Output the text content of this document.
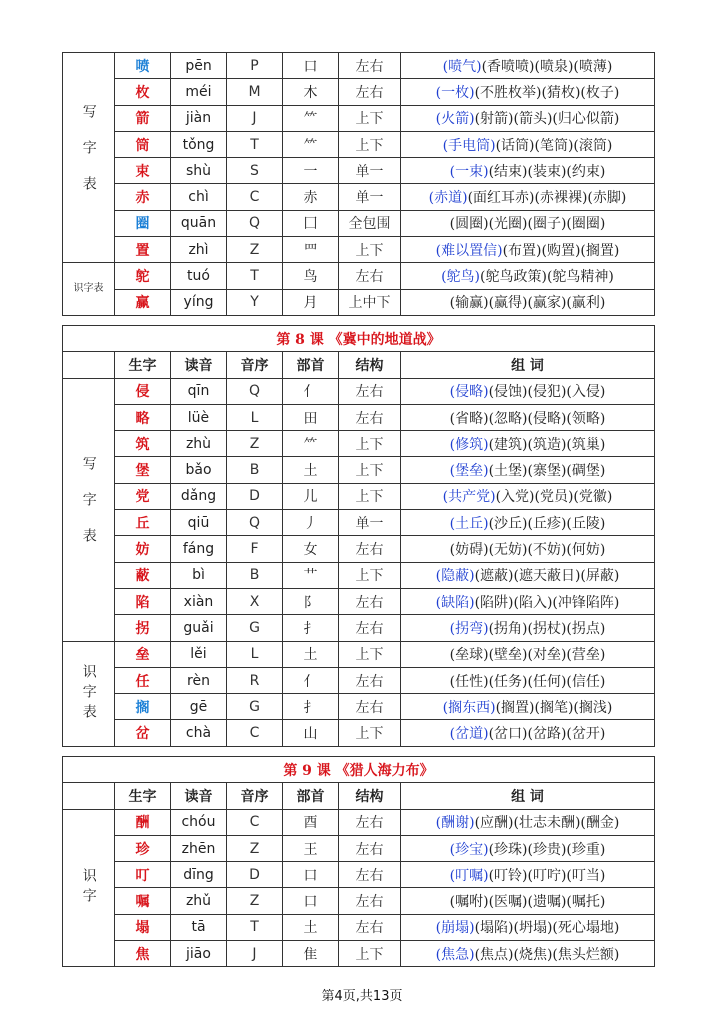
写字表	喷	pēn	P	口	左右	(喷气)(香喷喷)(喷泉)(喷薄)
	枚	méi	M	木	左右	(一枚)(不胜枚举)(猜枚)(枚子)
	箭	jiàn	J	⺮	上下	(火箭)(射箭)(箭头)(归心似箭)
	筒	tǒng	T	⺮	上下	(手电筒)(话筒)(笔筒)(滚筒)
	束	shù	S	一	单一	(一束)(结束)(装束)(约束)
	赤	chì	C	赤	单一	(赤道)(面红耳赤)(赤裸裸)(赤脚)
	圈	quān	Q	囗	全包围	(圆圈)(光圈)(圈子)(圈圈)
	置	zhì	Z	罒	上下	(难以置信)(布置)(购置)(搁置)
识字表	鸵	tuó	T	鸟	左右	(鸵鸟)(鸵鸟政策)(鸵鸟精神)
	赢	yíng	Y	月	上中下	(输赢)(赢得)(赢家)(赢利)
第 8 课 《冀中的地道战》						
	生字	读音	音序	部首	结构	组 词
写字表	侵	qīn	Q	亻	左右	(侵略)(侵蚀)(侵犯)(入侵)
	略	lüè	L	田	左右	(省略)(忽略)(侵略)(领略)
	筑	zhù	Z	⺮	上下	(修筑)(建筑)(筑造)(筑巢)
	堡	bǎo	B	土	上下	(堡垒)(土堡)(寨堡)(碉堡)
	党	dǎng	D	儿	上下	(共产党)(入党)(党员)(党徽)
	丘	qiū	Q	丿	单一	(土丘)(沙丘)(丘疹)(丘陵)
	妨	fáng	F	女	左右	(妨碍)(无妨)(不妨)(何妨)
	蔽	bì	B	艹	上下	(隐蔽)(遮蔽)(遮天蔽日)(屏蔽)
	陷	xiàn	X	阝	左右	(缺陷)(陷阱)(陷入)(冲锋陷阵)
	拐	guǎi	G	扌	左右	(拐弯)(拐角)(拐杖)(拐点)
识字表	垒	lěi	L	土	上下	(垒球)(壁垒)(对垒)(营垒)
	任	rèn	R	亻	左右	(任性)(任务)(任何)(信任)
	搁	gē	G	扌	左右	(搁东西)(搁置)(搁笔)(搁浅)
	岔	chà	C	山	上下	(岔道)(岔口)(岔路)(岔开)
第 9 课 《猎人海力布》						
	生字	读音	音序	部首	结构	组 词
识字	酬	chóu	C	酉	左右	(酬谢)(应酬)(壮志未酬)(酬金)
	珍	zhēn	Z	王	左右	(珍宝)(珍珠)(珍贵)(珍重)
	叮	dīng	D	口	左右	(叮嘱)(叮铃)(叮咛)(叮当)
	嘱	zhǔ	Z	口	左右	(嘱咐)(医嘱)(遗嘱)(嘱托)
	塌	tā	T	土	左右	(崩塌)(塌陷)(坍塌)(死心塌地)
	焦	jiāo	J	隹	上下	(焦急)(焦点)(烧焦)(焦头烂额)
第4页,共13页
